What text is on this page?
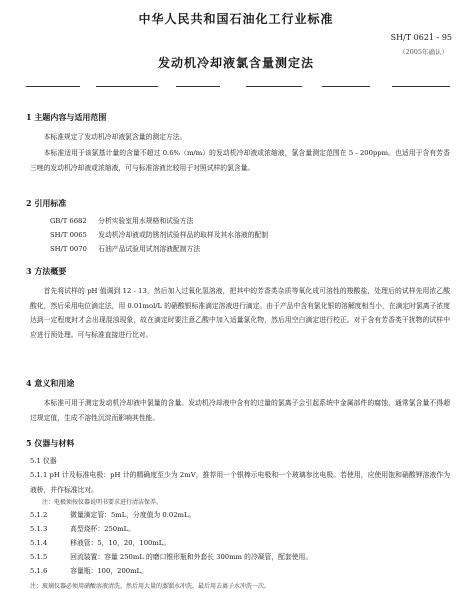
中华人民共和国石油化工行业标准
SH/T 0621 - 95
（2005年确认）
发动机冷却液氯含量测定法
1 主题内容与适用范围
本标准规定了发动机冷却液氯含量的测定方法。
本标准适用于该氯基计量的含量不超过 0.6%（m/m）的发动机冷却液或浓缩液，氯含量测定范围在 5 - 200ppm。也适用于含有芳香三唑的发动机冷却液或浓缩液，可与标准溶液比较用于对照试样的氯含量。
2 引用标准
GB/T 6682 分析实验室用水规格和试验方法
SH/T 0065 发动机冷却液或防锈剂试验样品的取样及其水溶液的配制
SH/T 0070 石油产品试验用试剂溶液配制方法
3 方法概要
首先将试样的 pH 值调到 12 - 13，然后加入过氧化氢溶液，把其中的芳香类杂质等氧化成可溶性的羧酸盐，处理后的试样先用浓乙酸酸化，然后采用电位滴定法，用 0.01mol/L 的硝酸银标准滴定溶液进行滴定。由于产品中含有氯化银的溶解度相当小，在滴定时氯离子浓度达到一定程度时才会出现混浊现象，故在滴定时要注意乙酸中加入适量氯化物，然后用空白滴定进行校正。对于含有芳香类干扰物的试样中应进行预处理。可与标准直接进行比对。
4 意义和用途
本标准可用于测定发动机冷却液中氯量的含量。发动机冷却液中含有的过量的氯离子会引起系统中金属部件的腐蚀，通常氯含量不得超过规定值，生成不溶性沉淀而影响其性能。
5 仪器与材料
5.1 仪器
5.1.1 pH 计及标准电极：pH 计的精确度至少为 2mV，推荐用一个银棒示电极和一个玻璃参比电极。若使用，应使用饱和硝酸钾溶液作为液桥，并作标准比对。
注：电极须按仪器说明书要求进行清洁保养。
5.1.2	微量滴定管：5mL，分度值为 0.02mL。
5.1.3	高型烧杯：250mL。
5.1.4	移液管：5，10，20，100mL。
5.1.5	回流装置：容量 250mL 的磨口锥形瓶和外套长 300mm 的冷凝管，配套使用。
5.1.6	容量瓶：100，200mL。
注：玻璃仪器必须用硝酸溶液清洗，然后用大量的蒸馏水冲洗，最后用去离子水冲洗一次。
